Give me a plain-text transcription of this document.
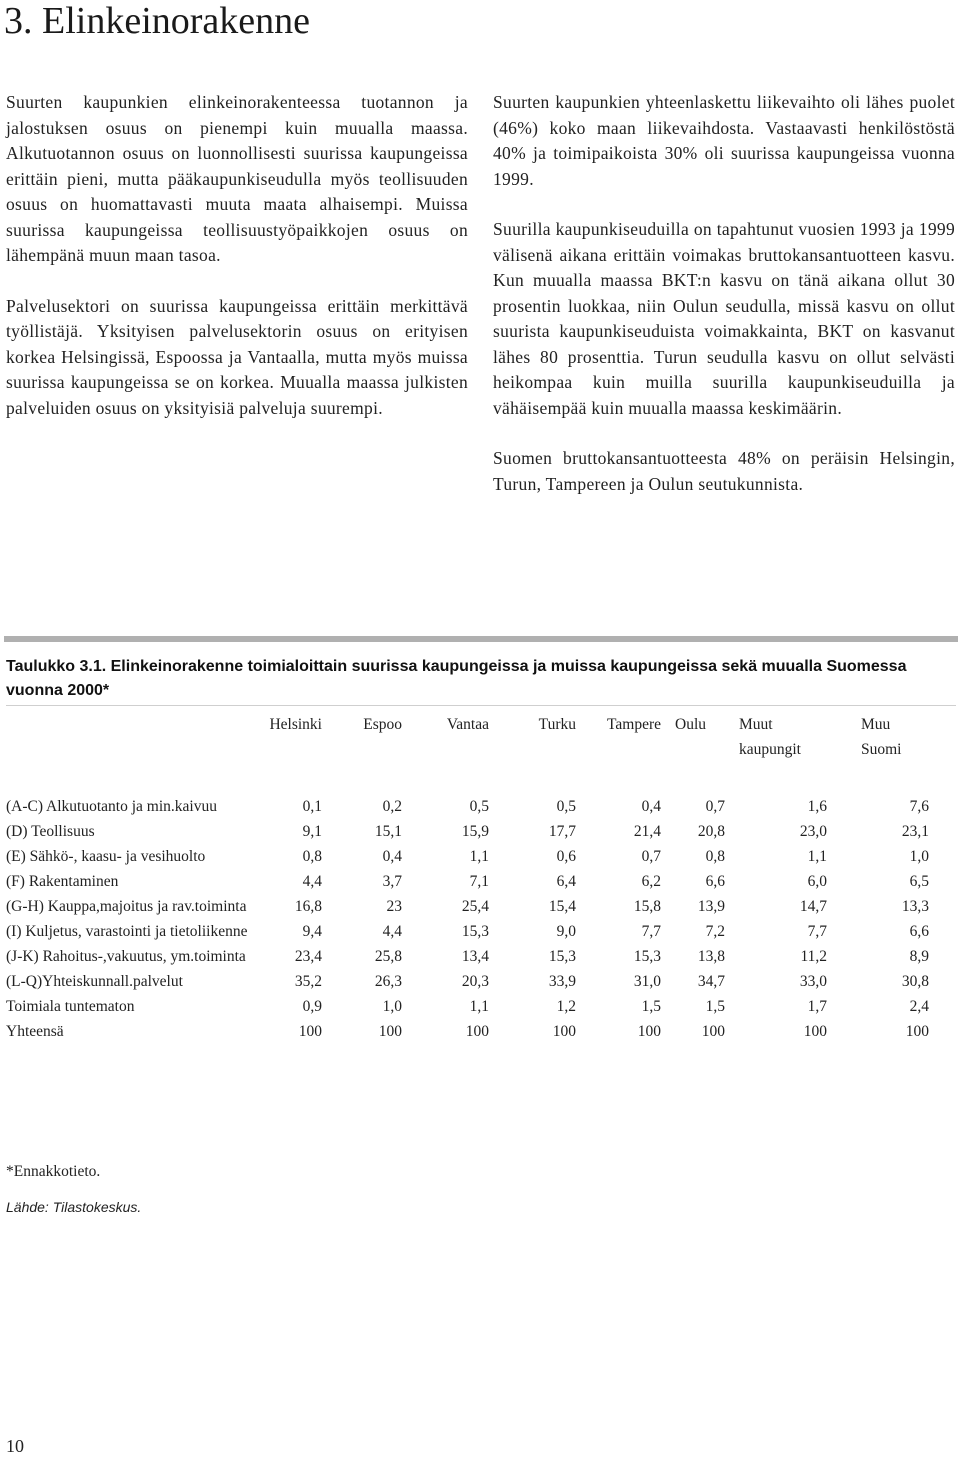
3. Elinkeinorakenne

Suurten kaupunkien elinkeinorakenteessa tuotannon ja jalostuksen osuus on pienempi kuin muualla maassa. Alkutuotannon osuus on luonnollisesti suurissa kaupungeissa erittäin pieni, mutta pääkaupunkiseudulla myös teollisuuden osuus on huomattavasti muuta maata alhaisempi. Muissa suurissa kaupungeissa teollisuustyöpaikkojen osuus on lähempänä muun maan tasoa.

Palvelusektori on suurissa kaupungeissa erittäin merkittävä työllistäjä. Yksityisen palvelusektorin osuus on erityisen korkea Helsingissä, Espoossa ja Vantaalla, mutta myös muissa suurissa kaupungeissa se on korkea. Muualla maassa julkisten palveluiden osuus on yksityisiä palveluja suurempi.

Suurten kaupunkien yhteenlaskettu liikevaihto oli lähes puolet (46%) koko maan liikevaihdosta. Vastaavasti henkilöstöstä 40% ja toimipaikoista 30% oli suurissa kaupungeissa vuonna 1999.

Suurilla kaupunkiseuduilla on tapahtunut vuosien 1993 ja 1999 välisenä aikana erittäin voimakas bruttokansantuotteen kasvu. Kun muualla maassa BKT:n kasvu on tänä aikana ollut 30 prosentin luokkaa, niin Oulun seudulla, missä kasvu on ollut suurista kaupunkiseuduista voimakkainta, BKT on kasvanut lähes 80 prosenttia. Turun seudulla kasvu on ollut selvästi heikompaa kuin muilla suurilla kaupunkiseuduilla ja vähäisempää kuin muualla maassa keskimäärin.

Suomen bruttokansantuotteesta 48% on peräisin Helsingin, Turun, Tampereen ja Oulun seutukunnista.

Taulukko 3.1. Elinkeinorakenne toimialoittain suurissa kaupungeissa ja muissa kaupungeissa sekä muualla Suomessa vuonna 2000*

	Helsinki	Espoo	Vantaa	Turku	Tampere	Oulu	Muut kaupungit	Muu Suomi

(A-C) Alkutuotanto ja min.kaivuu	0,1	0,2	0,5	0,5	0,4	0,7	1,6	7,6
(D) Teollisuus	9,1	15,1	15,9	17,7	21,4	20,8	23,0	23,1
(E) Sähkö-, kaasu- ja vesihuolto	0,8	0,4	1,1	0,6	0,7	0,8	1,1	1,0
(F) Rakentaminen	4,4	3,7	7,1	6,4	6,2	6,6	6,0	6,5
(G-H) Kauppa,majoitus ja rav.toiminta	16,8	23	25,4	15,4	15,8	13,9	14,7	13,3
(I) Kuljetus, varastointi ja tietoliikenne	9,4	4,4	15,3	9,0	7,7	7,2	7,7	6,6
(J-K) Rahoitus-,vakuutus, ym.toiminta	23,4	25,8	13,4	15,3	15,3	13,8	11,2	8,9
(L-Q)Yhteiskunnall.palvelut	35,2	26,3	20,3	33,9	31,0	34,7	33,0	30,8
Toimiala tuntematon	0,9	1,0	1,1	1,2	1,5	1,5	1,7	2,4
Yhteensä	100	100	100	100	100	100	100	100

*Ennakkotieto.

Lähde: Tilastokeskus.

10
